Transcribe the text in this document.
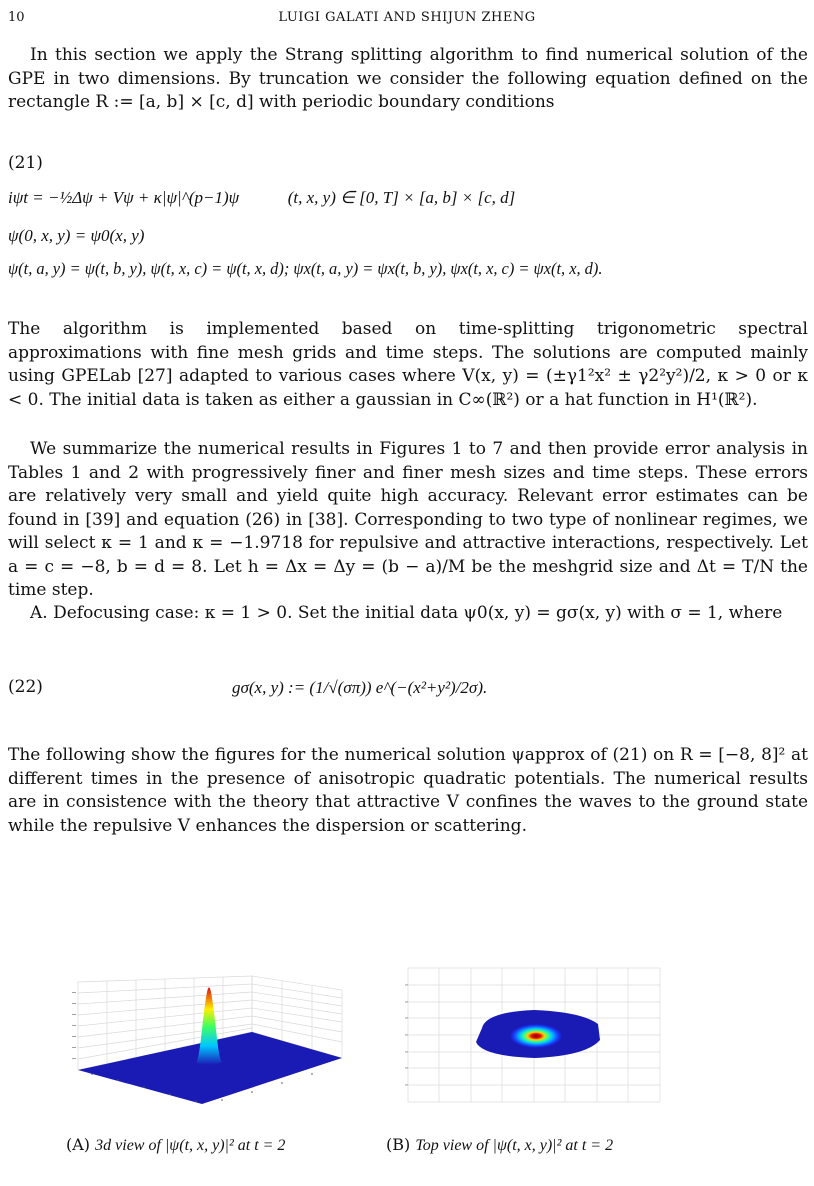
10	LUIGI GALATI AND SHIJUN ZHENG
In this section we apply the Strang splitting algorithm to find numerical solution of the GPE in two dimensions. By truncation we consider the following equation defined on the rectangle R := [a, b] × [c, d] with periodic boundary conditions
(21)
iψt = −½Δψ + Vψ + κ|ψ|^(p−1)ψ	(t, x, y) ∈ [0, T] × [a, b] × [c, d]
ψ(0, x, y) = ψ0(x, y)
ψ(t, a, y) = ψ(t, b, y), ψ(t, x, c) = ψ(t, x, d); ψx(t, a, y) = ψx(t, b, y), ψx(t, x, c) = ψx(t, x, d).
The algorithm is implemented based on time-splitting trigonometric spectral approximations with fine mesh grids and time steps. The solutions are computed mainly using GPELab [27] adapted to various cases where V(x, y) = (±γ1²x² ± γ2²y²)/2, κ > 0 or κ < 0. The initial data is taken as either a gaussian in C∞(ℝ²) or a hat function in H¹(ℝ²).
We summarize the numerical results in Figures 1 to 7 and then provide error analysis in Tables 1 and 2 with progressively finer and finer mesh sizes and time steps. These errors are relatively very small and yield quite high accuracy. Relevant error estimates can be found in [39] and equation (26) in [38]. Corresponding to two type of nonlinear regimes, we will select κ = 1 and κ = −1.9718 for repulsive and attractive interactions, respectively. Let a = c = −8, b = d = 8. Let h = Δx = Δy = (b − a)/M be the meshgrid size and Δt = T/N the time step.
A. Defocusing case: κ = 1 > 0. Set the initial data ψ0(x, y) = gσ(x, y) with σ = 1, where
(22)	gσ(x, y) := (1/√(σπ)) e^(−(x²+y²)/2σ).
The following show the figures for the numerical solution ψapprox of (21) on R = [−8, 8]² at different times in the presence of anisotropic quadratic potentials. The numerical results are in consistence with the theory that attractive V confines the waves to the ground state while the repulsive V enhances the dispersion or scattering.
(A) 3d view of |ψ(t, x, y)|² at t = 2	(B) Top view of |ψ(t, x, y)|² at t = 2
